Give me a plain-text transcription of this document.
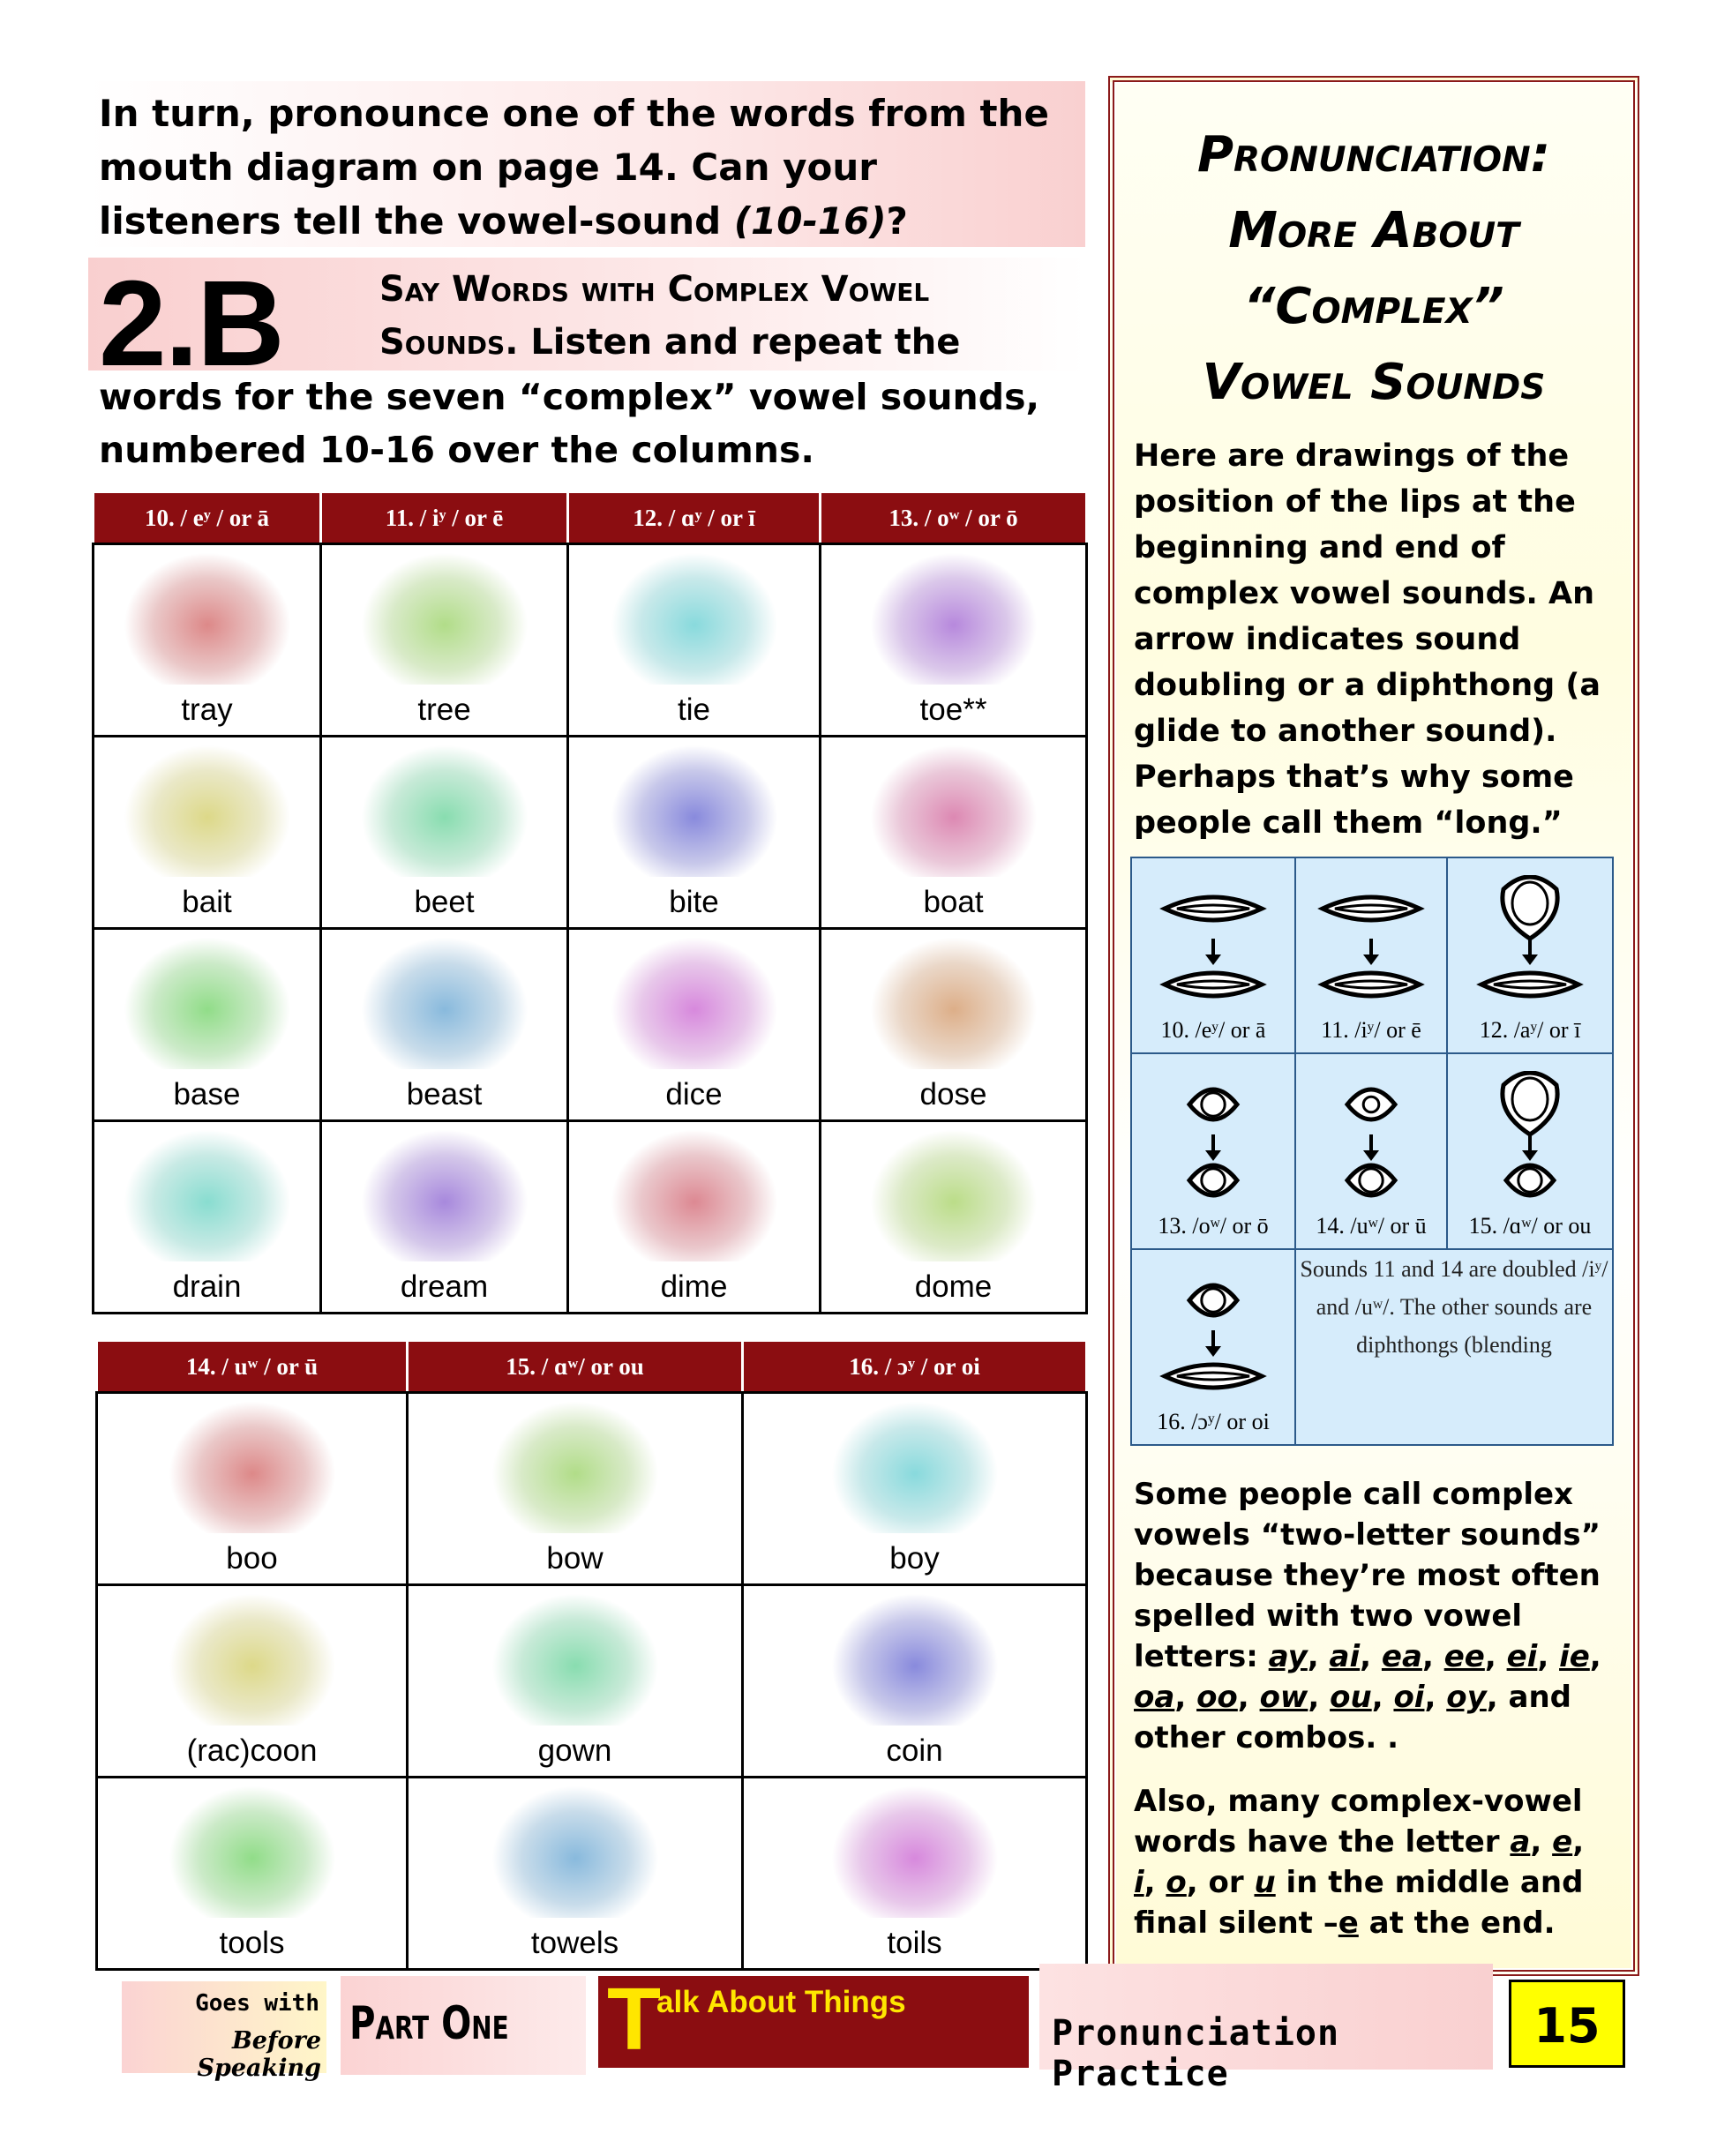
In turn, pronounce one of the words from the
mouth diagram on page 14. Can your
listeners tell the vowel-sound (10-16)?

2.B	Say Words with Complex Vowel
Sounds. Listen and repeat the
words for the seven “complex” vowel sounds,
numbered 10-16 over the columns.
10. / eʸ / or ā	11. / iʸ / or ē	12. / ɑʸ / or ī	13. / oʷ / or ō

tray	tree	tie	toe**

bait	beet	bite	boat

base	beast	dice	dose

drain	dream	dime	dome
14. / uʷ / or ū	15. / ɑʷ/ or ou	16. / ɔʸ / or oi

boo	bow	boy

(rac)coon	gown	coin

tools	towels	toils
Pronunciation:
More About
“Complex”
Vowel Sounds
Here are drawings of the position of the lips at the beginning and end of complex vowel sounds. An arrow indicates sound doubling or a diphthong (a glide to another sound). Perhaps that’s why some people call them “long.”
10. /eʸ/ or ā	11. /iʸ/ or ē	12. /aʸ/ or ī

13. /oʷ/ or ō	14. /uʷ/ or ū	15. /ɑʷ/ or ou

16. /ɔʸ/ or oi	Sounds 11 and 14 are doubled /iʸ/ and /uʷ/. The other sounds are diphthongs (blending	
Some people call complex vowels “two-letter sounds” because they’re most often spelled with two vowel letters: ay, ai, ea, ee, ei, ie, oa, oo, ow, ou, oi, oy, and other combos. .
Also, many complex-vowel words have the letter a, e, i, o, or u in the middle and final silent –e at the end.
Goes with
Before Speaking
Part One T
alk About Things
Pronunciation Practice
15
